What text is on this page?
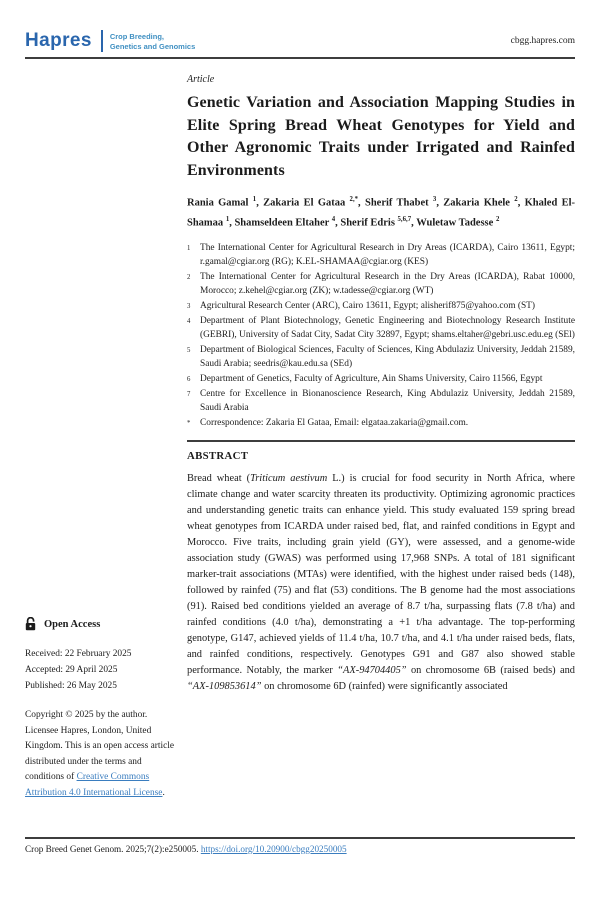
Hapres Crop Breeding,
Genetics and Genomics
cbgg.hapres.com
Open Access
Received: 22 February 2025
Accepted: 29 April 2025
Published: 26 May 2025
Copyright © 2025 by the author. Licensee Hapres, London, United Kingdom. This is an open access article distributed under the terms and conditions of Creative Commons Attribution 4.0 International License.
Article
Genetic Variation and Association Mapping Studies in Elite Spring Bread Wheat Genotypes for Yield and Other Agronomic Traits under Irrigated and Rainfed Environments

Rania Gamal $^1$, Zakaria El Gataa $^{2,*}$, Sherif Thabet $^3$, Zakaria Khele $^2$, Khaled El-Shamaa $^1$, Shamseldeen Eltaher $^4$, Sherif Edris $^{5,6,7}$, Wuletaw Tadesse $^2$

1	The International Center for Agricultural Research in Dry Areas (ICARDA), Cairo 13611, Egypt; r.gamal@cgiar.org (RG); K.EL-SHAMAA@cgiar.org (KES)
2	The International Center for Agricultural Research in the Dry Areas (ICARDA), Rabat 10000, Morocco; z.kehel@cgiar.org (ZK); w.tadesse@cgiar.org (WT)
3	Agricultural Research Center (ARC), Cairo 13611, Egypt; alisherif875@yahoo.com (ST)
4	Department of Plant Biotechnology, Genetic Engineering and Biotechnology Research Institute (GEBRI), University of Sadat City, Sadat City 32897, Egypt; shams.eltaher@gebri.usc.edu.eg (SEl)
5	Department of Biological Sciences, Faculty of Sciences, King Abdulaziz University, Jeddah 21589, Saudi Arabia; seedris@kau.edu.sa (SEd)
6	Department of Genetics, Faculty of Agriculture, Ain Shams University, Cairo 11566, Egypt
7	Centre for Excellence in Bionanoscience Research, King Abdulaziz University, Jeddah 21589, Saudi Arabia
*	Correspondence: Zakaria El Gataa, Email: elgataa.zakaria@gmail.com.
ABSTRACT

Bread wheat (Triticum aestivum L.) is crucial for food security in North Africa, where climate change and water scarcity threaten its productivity. Optimizing agronomic practices and understanding genetic traits can enhance yield. This study evaluated 159 spring bread wheat genotypes from ICARDA under raised bed, flat, and rainfed conditions in Egypt and Morocco. Five traits, including grain yield (GY), were assessed, and a genome-wide association study (GWAS) was performed using 17,968 SNPs. A total of 181 significant marker-trait associations (MTAs) were identified, with the highest under raised beds (148), followed by rainfed (75) and flat (53) conditions. The B genome had the most associations (91). Raised bed conditions yielded an average of 8.7 t/ha, surpassing flats (7.8 t/ha) and rainfed conditions (4.0 t/ha), demonstrating a +1 t/ha advantage. The top-performing genotype, G147, achieved yields of 11.4 t/ha, 10.7 t/ha, and 4.1 t/ha under raised beds, flats, and rainfed conditions, respectively. Genotypes G91 and G87 also showed stable performance. Notably, the marker “AX-94704405” on chromosome 6B (raised beds) and “AX-109853614” on chromosome 6D (rainfed) were significantly associated

Crop Breed Genet Genom. 2025;7(2):e250005. https://doi.org/10.20900/cbgg20250005
